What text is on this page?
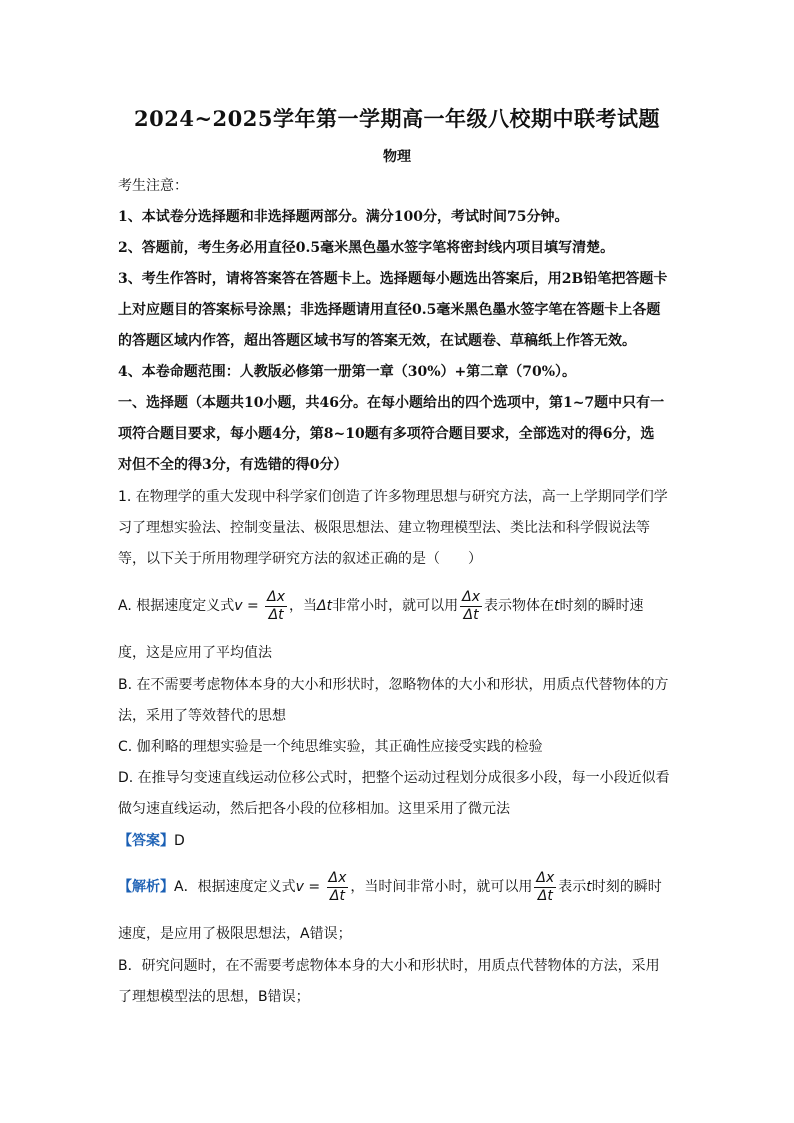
2024~2025学年第一学期高一年级八校期中联考试题
物理
考生注意：
1、本试卷分选择题和非选择题两部分。满分100分，考试时间75分钟。
2、答题前，考生务必用直径0.5毫米黑色墨水签字笔将密封线内项目填写清楚。
3、考生作答时，请将答案答在答题卡上。选择题每小题选出答案后，用2B铅笔把答题卡
上对应题目的答案标号涂黑；非选择题请用直径0.5毫米黑色墨水签字笔在答题卡上各题
的答题区域内作答，超出答题区域书写的答案无效，在试题卷、草稿纸上作答无效。
4、本卷命题范围：人教版必修第一册第一章（30%）+第二章（70%）。
一、选择题（本题共10小题，共46分。在每小题给出的四个选项中，第1~7题中只有一
项符合题目要求，每小题4分，第8~10题有多项符合题目要求，全部选对的得6分，选
对但不全的得3分，有选错的得0分）
1. 在物理学的重大发现中科学家们创造了许多物理思想与研究方法，高一上学期同学们学
习了理想实验法、控制变量法、极限思想法、建立物理模型法、类比法和科学假说法等
等，以下关于所用物理学研究方法的叙述正确的是（　　）
A. 根据速度定义式$v = \frac{\Delta x}{\Delta t}$ ，当Δt非常小时，就可以用 $\frac{\Delta x}{\Delta t}$ 表示物体在t时刻的瞬时速
度，这是应用了平均值法
B. 在不需要考虑物体本身的大小和形状时，忽略物体的大小和形状，用质点代替物体的方
法，采用了等效替代的思想
C. 伽利略的理想实验是一个纯思维实验，其正确性应接受实践的检验
D. 在推导匀变速直线运动位移公式时，把整个运动过程划分成很多小段，每一小段近似看
做匀速直线运动，然后把各小段的位移相加。这里采用了微元法
【答案】D
【解析】A．根据速度定义式$v = \frac{\Delta x}{\Delta t}$ ，当时间非常小时，就可以用 $\frac{\Delta x}{\Delta t}$ 表示t时刻的瞬时
速度，是应用了极限思想法，A错误；
B．研究问题时，在不需要考虑物体本身的大小和形状时，用质点代替物体的方法，采用
了理想模型法的思想，B错误；
